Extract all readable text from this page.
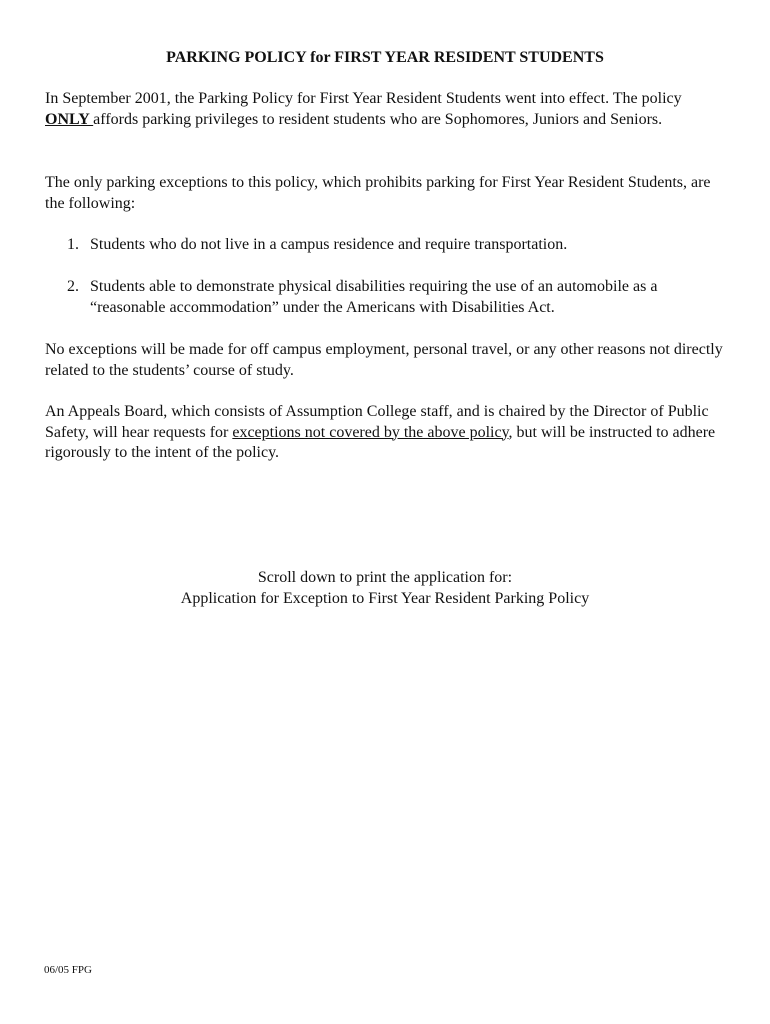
PARKING POLICY for FIRST YEAR RESIDENT STUDENTS

In September 2001, the Parking Policy for First Year Resident Students went into effect. The policy ONLY affords parking privileges to resident students who are Sophomores, Juniors and Seniors.

The only parking exceptions to this policy, which prohibits parking for First Year Resident Students, are the following:

1. Students who do not live in a campus residence and require transportation.
2. Students able to demonstrate physical disabilities requiring the use of an automobile as a “reasonable accommodation” under the Americans with Disabilities Act.

No exceptions will be made for off campus employment, personal travel, or any other reasons not directly related to the students’ course of study.

An Appeals Board, which consists of Assumption College staff, and is chaired by the Director of Public Safety, will hear requests for exceptions not covered by the above policy, but will be instructed to adhere rigorously to the intent of the policy.

Scroll down to print the application for:
Application for Exception to First Year Resident Parking Policy

06/05 FPG
